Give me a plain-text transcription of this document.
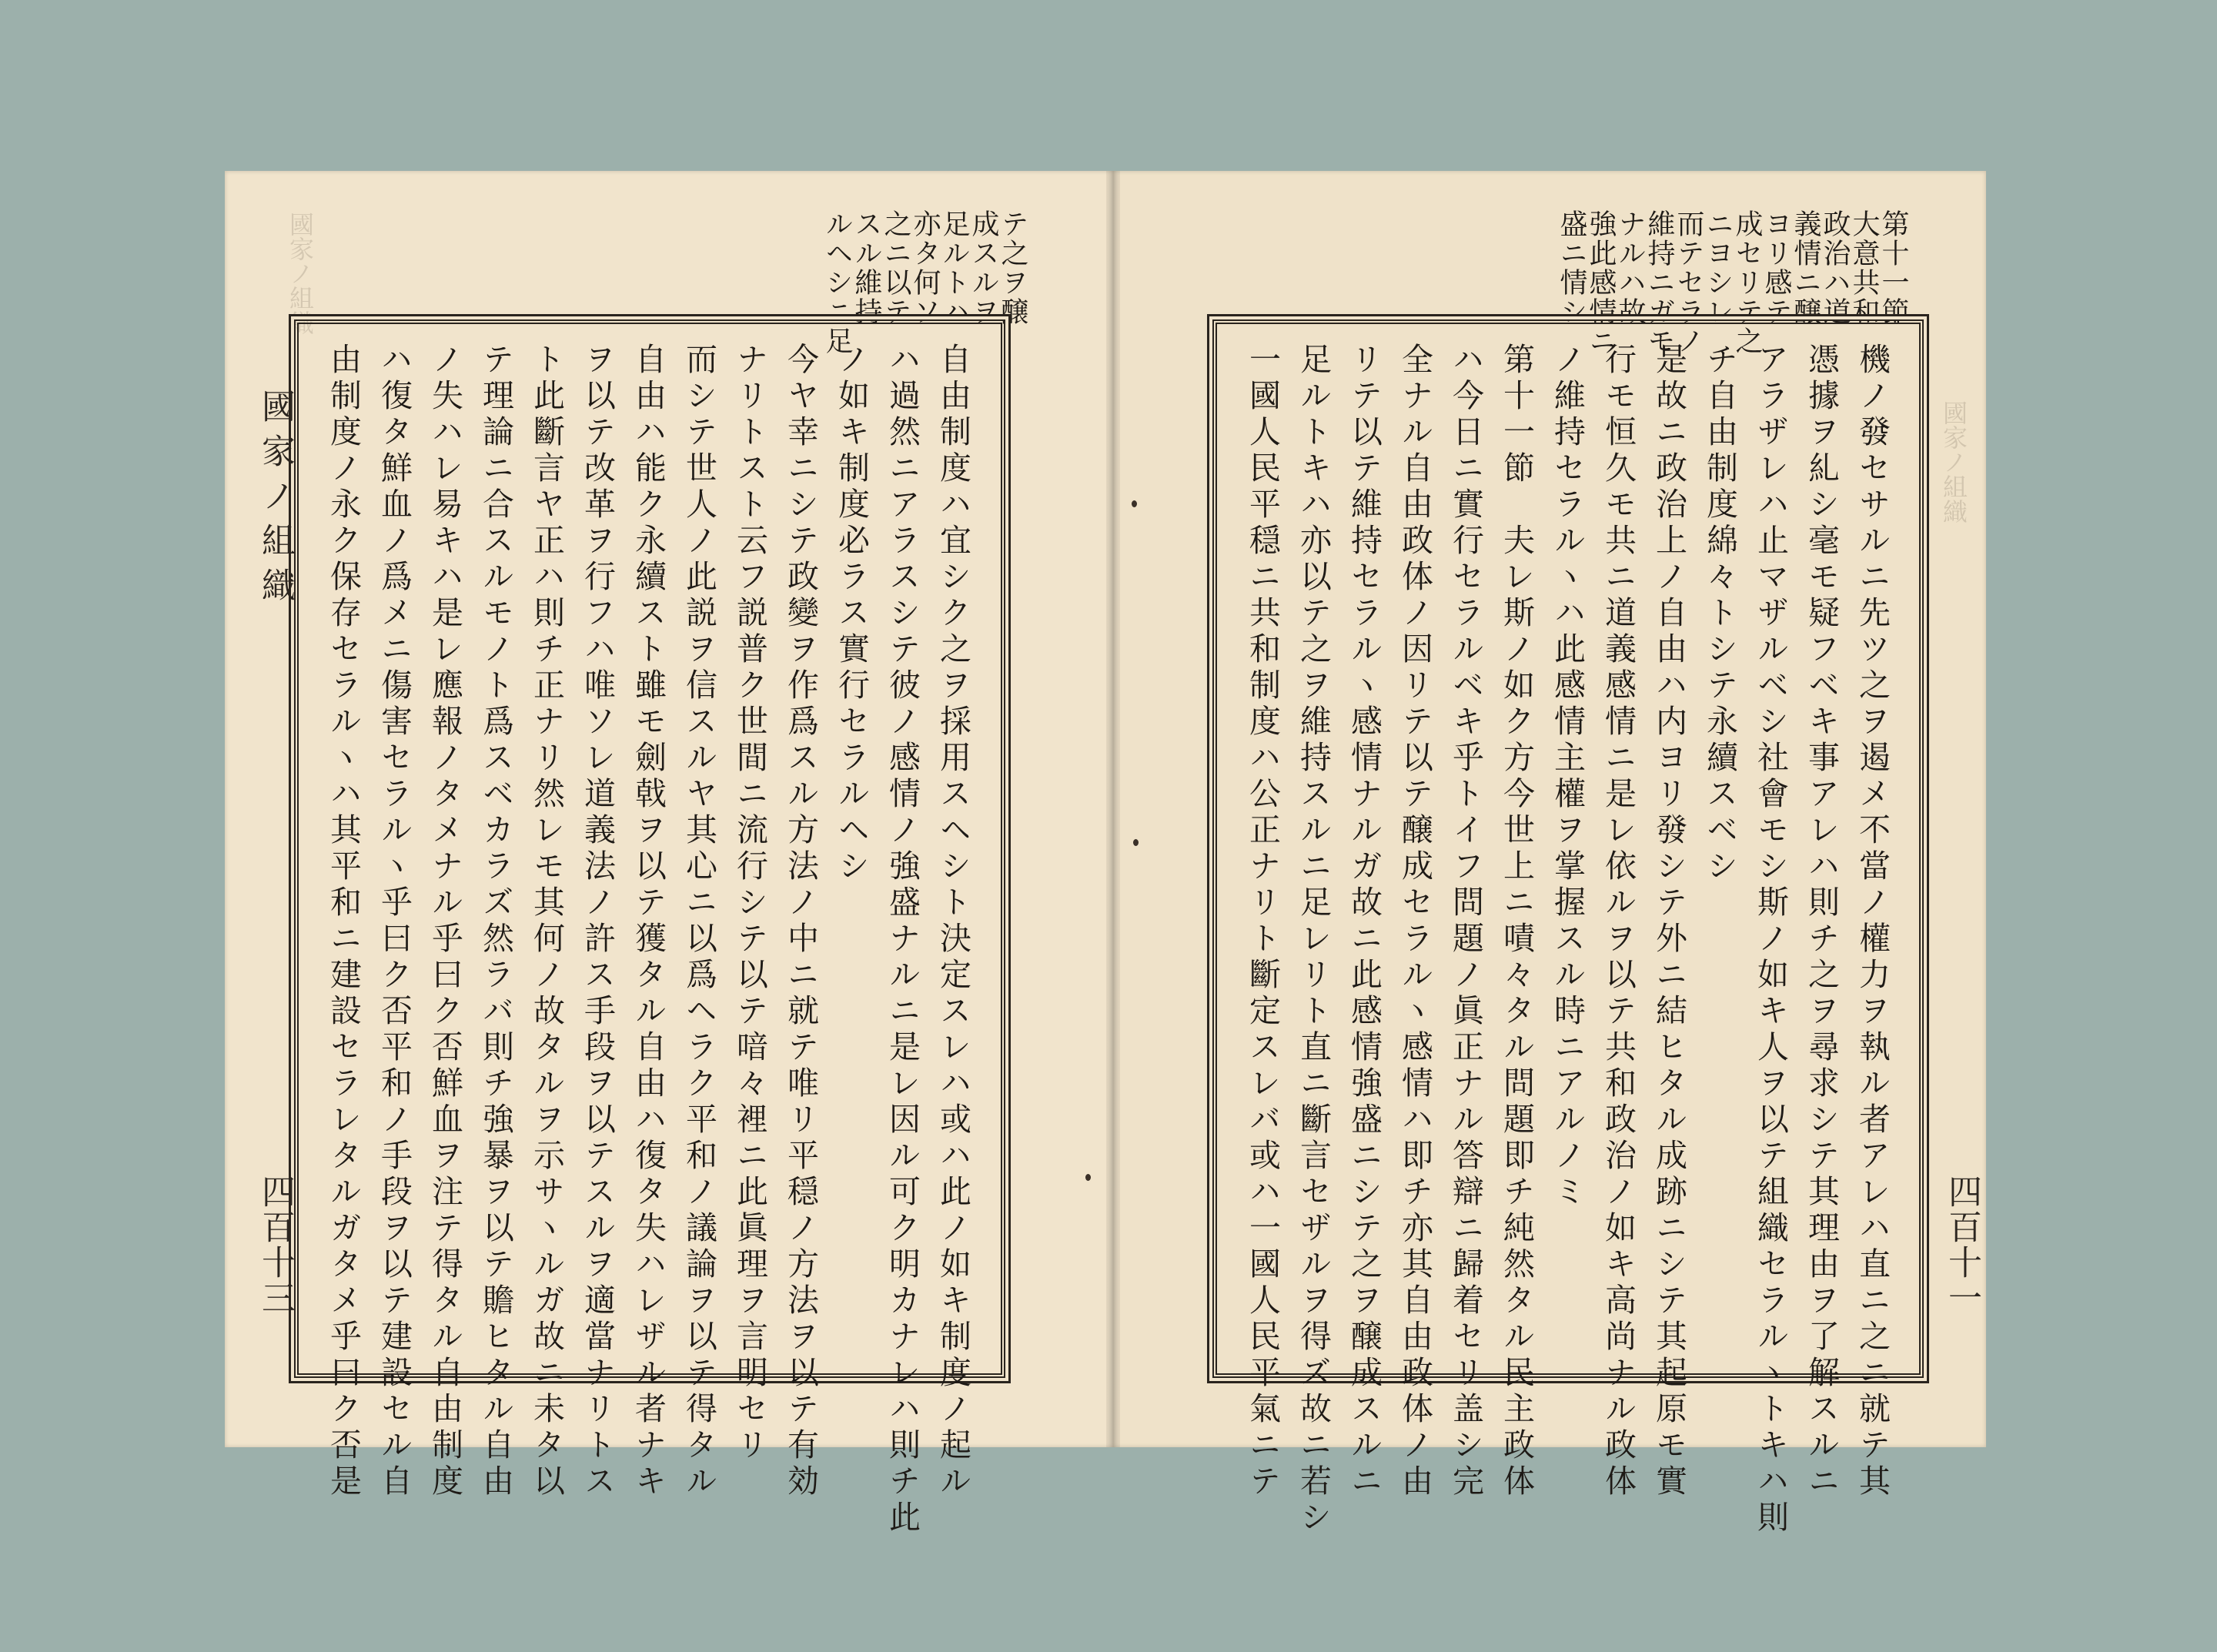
國家ノ組織
國家ノ組織
テ之ヲ醸
成スルヲ
足ルトハ
亦タ何ソ
之ニ以テ
スル維持
ルヘシニ足
自由制度ハ宜シク之ヲ採用スヘシト決定スレハ或ハ此ノ如キ制度ノ起ル
ハ過然ニアラスシテ彼ノ感情ノ強盛ナルニ是レ因ル可ク明カナレハ則チ此
ノ如キ制度必ラス實行セラルヘシ
今ヤ幸ニシテ政變ヲ作爲スル方法ノ中ニ就テ唯リ平穏ノ方法ヲ以テ有効
ナリトスト云フ説普ク世間ニ流行シテ以テ喑々裡ニ此眞理ヲ言明セリ
而シテ世人ノ此説ヲ信スルヤ其心ニ以爲ヘラク平和ノ議論ヲ以テ得タル
自由ハ能ク永續スト雖モ劍戟ヲ以テ獲タル自由ハ復タ失ハレザル者ナキ
ヲ以テ改革ヲ行フハ唯ソレ道義法ノ許ス手段ヲ以テスルヲ適當ナリトス
ト此斷言ヤ正ハ則チ正ナリ然レモ其何ノ故タルヲ示サヽルガ故ニ未タ以
テ理論ニ合スルモノト爲スベカラズ然ラバ則チ強暴ヲ以テ贍ヒタル自由
ノ失ハレ易キハ是レ應報ノタメナル乎曰ク否鮮血ヲ注テ得タル自由制度
ハ復タ鮮血ノ爲メニ傷害セラルヽ乎曰ク否平和ノ手段ヲ以テ建設セル自
由制度ノ永ク保存セラルヽハ其平和ニ建設セラレタルガタメ乎曰ク否是
國家ノ組織
四百十三
第十一節
大意共和
政治ハ道
義情ニ醸
ヨリ感テ
成セリテ之
ニヨシレ
而テセラノ
維持ニガモ
ナルハ故
強此感情ニ
盛ニ情シ
機ノ發セサルニ先ツ之ヲ遏メ不當ノ權力ヲ執ル者アレハ直ニ之ニ就テ其
憑據ヲ糺シ毫モ疑フベキ事アレハ則チ之ヲ尋求シテ其理由ヲ了解スルニ
アラザレハ止マザルベシ社會モシ斯ノ如キ人ヲ以テ組織セラルヽトキハ則
チ自由制度綿々トシテ永續スベシ
是故ニ政治上ノ自由ハ内ヨリ發シテ外ニ結ヒタル成跡ニシテ其起原モ實
行モ恒久モ共ニ道義感情ニ是レ依ルヲ以テ共和政治ノ如キ高尚ナル政体
ノ維持セラルヽハ此感情主權ヲ掌握スル時ニアルノミ
第十一節　夫レ斯ノ如ク方今世上ニ嘖々タル問題即チ純然タル民主政体
ハ今日ニ實行セラルベキ乎トイフ問題ノ眞正ナル答辯ニ歸着セリ盖シ完
全ナル自由政体ノ因リテ以テ醸成セラルヽ感情ハ即チ亦其自由政体ノ由
リテ以テ維持セラルヽ感情ナルガ故ニ此感情強盛ニシテ之ヲ醸成スルニ
足ルトキハ亦以テ之ヲ維持スルニ足レリト直ニ斷言セザルヲ得ズ故ニ若シ
一國人民平穏ニ共和制度ハ公正ナリト斷定スレバ或ハ一國人民平氣ニテ	四百十一
